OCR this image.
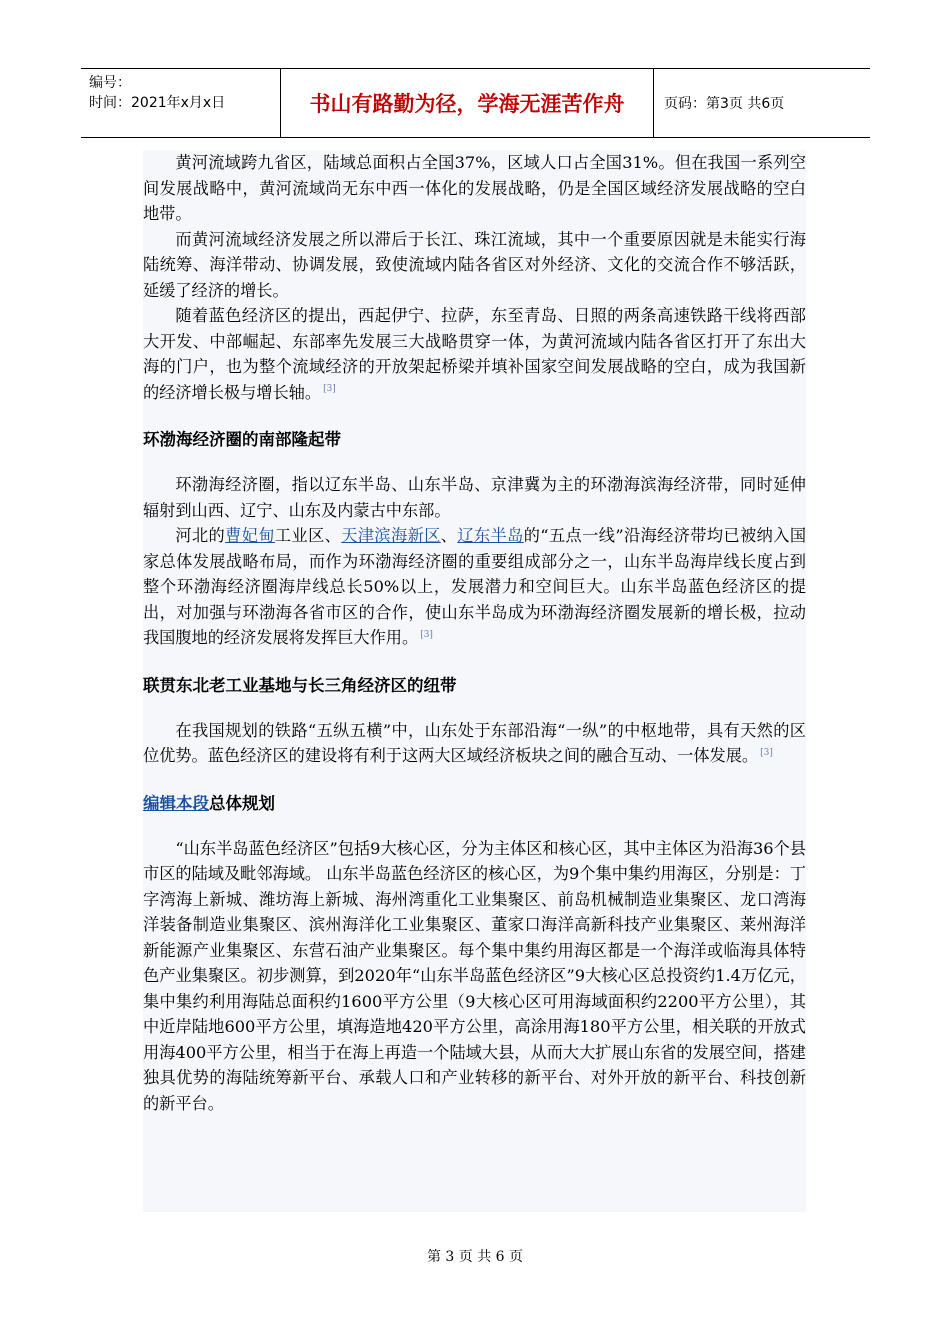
编号：
时间：2021年x月x日	书山有路勤为径，学海无涯苦作舟	页码：第3页 共6页

黄河流域跨九省区，陆域总面积占全国37%，区域人口占全国31%。但在我国一系列空间发展战略中，黄河流域尚无东中西一体化的发展战略，仍是全国区域经济发展战略的空白地带。

而黄河流域经济发展之所以滞后于长江、珠江流域，其中一个重要原因就是未能实行海陆统筹、海洋带动、协调发展，致使流域内陆各省区对外经济、文化的交流合作不够活跃，延缓了经济的增长。

随着蓝色经济区的提出，西起伊宁、拉萨，东至青岛、日照的两条高速铁路干线将西部大开发、中部崛起、东部率先发展三大战略贯穿一体，为黄河流域内陆各省区打开了东出大海的门户，也为整个流域经济的开放架起桥梁并填补国家空间发展战略的空白，成为我国新的经济增长极与增长轴。 [3]

环渤海经济圈的南部隆起带

环渤海经济圈，指以辽东半岛、山东半岛、京津冀为主的环渤海滨海经济带，同时延伸辐射到山西、辽宁、山东及内蒙古中东部。

河北的曹妃甸工业区、天津滨海新区、辽东半岛的“五点一线”沿海经济带均已被纳入国家总体发展战略布局，而作为环渤海经济圈的重要组成部分之一，山东半岛海岸线长度占到整个环渤海经济圈海岸线总长50%以上，发展潜力和空间巨大。山东半岛蓝色经济区的提出，对加强与环渤海各省市区的合作，使山东半岛成为环渤海经济圈发展新的增长极，拉动我国腹地的经济发展将发挥巨大作用。 [3]

联贯东北老工业基地与长三角经济区的纽带

在我国规划的铁路“五纵五横”中，山东处于东部沿海“一纵”的中枢地带，具有天然的区位优势。蓝色经济区的建设将有利于这两大区域经济板块之间的融合互动、一体发展。 [3]

编辑本段总体规划

“山东半岛蓝色经济区”包括9大核心区，分为主体区和核心区，其中主体区为沿海36个县市区的陆域及毗邻海域。 山东半岛蓝色经济区的核心区，为9个集中集约用海区，分别是：丁字湾海上新城、潍坊海上新城、海州湾重化工业集聚区、前岛机械制造业集聚区、龙口湾海洋装备制造业集聚区、滨州海洋化工业集聚区、董家口海洋高新科技产业集聚区、莱州海洋新能源产业集聚区、东营石油产业集聚区。每个集中集约用海区都是一个海洋或临海具体特色产业集聚区。初步测算，到2020年“山东半岛蓝色经济区”9大核心区总投资约1.4万亿元，集中集约利用海陆总面积约1600平方公里（9大核心区可用海域面积约2200平方公里），其中近岸陆地600平方公里，填海造地420平方公里，高涂用海180平方公里，相关联的开放式用海400平方公里，相当于在海上再造一个陆域大县，从而大大扩展山东省的发展空间，搭建独具优势的海陆统筹新平台、承载人口和产业转移的新平台、对外开放的新平台、科技创新的新平台。

第 3 页 共 6 页
